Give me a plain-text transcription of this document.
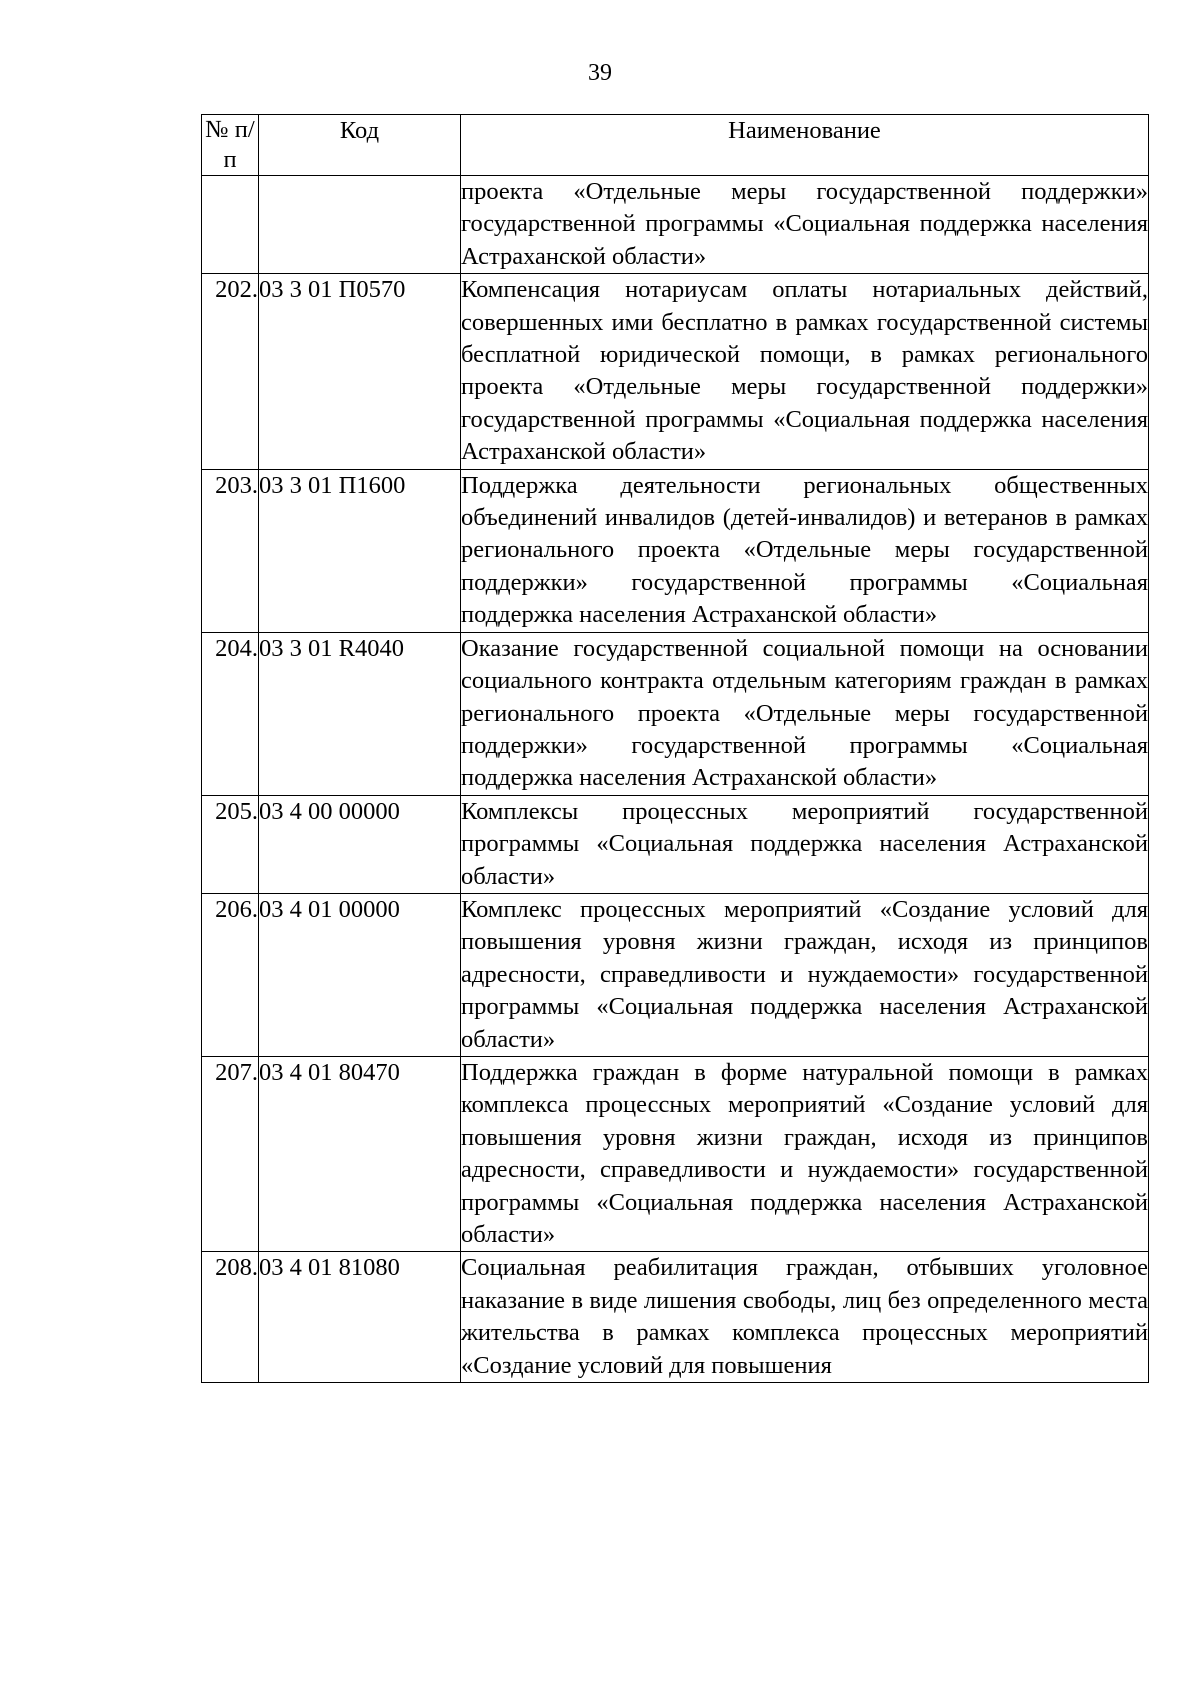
39
№ п/п	Код	Наименование
		проекта «Отдельные меры государственной поддержки» государственной программы «Социальная поддержка населения Астраханской области»
202.	03 3 01 П0570	Компенсация нотариусам оплаты нотариальных действий, совершенных ими бесплатно в рамках государственной системы бесплатной юридической помощи, в рамках регионального проекта «Отдельные меры государственной поддержки» государственной программы «Социальная поддержка населения Астраханской области»
203.	03 3 01 П1600	Поддержка деятельности региональных общественных объединений инвалидов (детей-инвалидов) и ветеранов в рамках регионального проекта «Отдельные меры государственной поддержки» государственной программы «Социальная поддержка населения Астраханской области»
204.	03 3 01 R4040	Оказание государственной социальной помощи на основании социального контракта отдельным категориям граждан в рамках регионального проекта «Отдельные меры государственной поддержки» государственной программы «Социальная поддержка населения Астраханской области»
205.	03 4 00 00000	Комплексы процессных мероприятий государственной программы «Социальная поддержка населения Астраханской области»
206.	03 4 01 00000	Комплекс процессных мероприятий «Создание условий для повышения уровня жизни граждан, исходя из принципов адресности, справедливости и нуждаемости» государственной программы «Социальная поддержка населения Астраханской области»
207.	03 4 01 80470	Поддержка граждан в форме натуральной помощи в рамках комплекса процессных мероприятий «Создание условий для повышения уровня жизни граждан, исходя из принципов адресности, справедливости и нуждаемости» государственной программы «Социальная поддержка населения Астраханской области»
208.	03 4 01 81080	Социальная реабилитация граждан, отбывших уголовное наказание в виде лишения свободы, лиц без определенного места жительства в рамках комплекса процессных мероприятий «Создание условий для повышения
